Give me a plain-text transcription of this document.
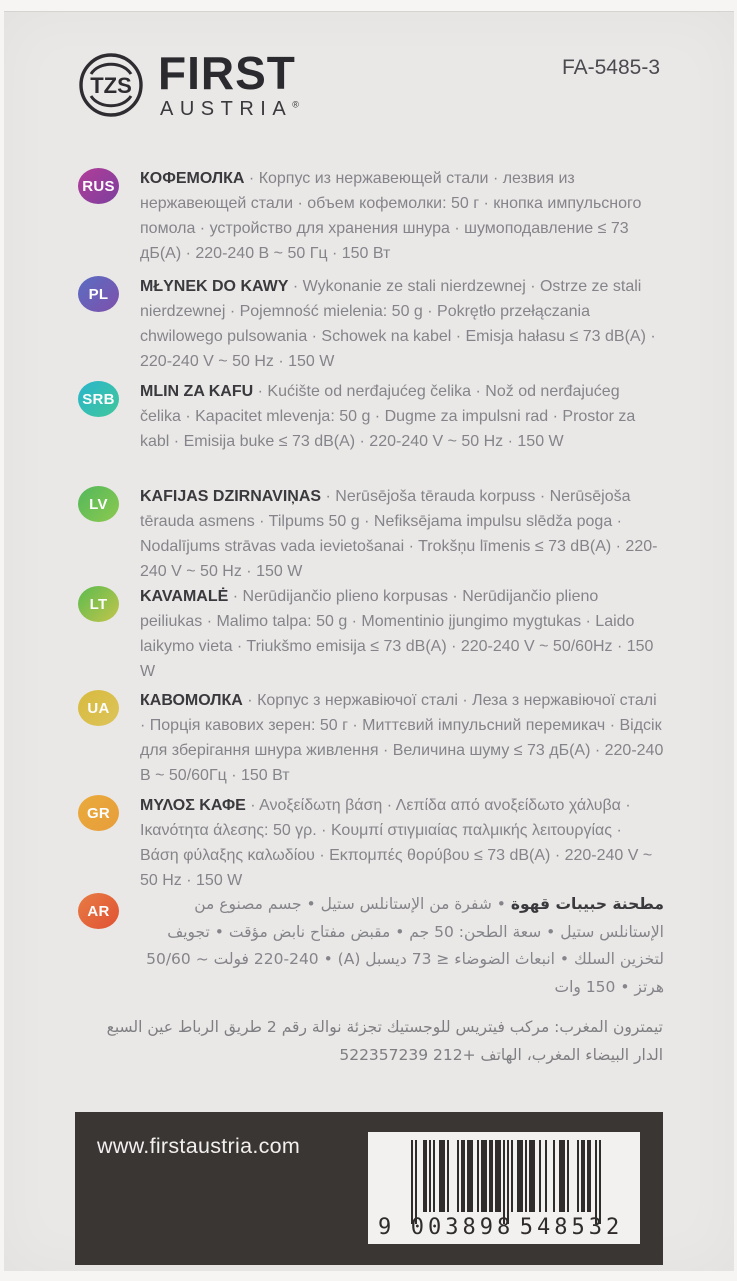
TZS FIRST
AUSTRIA®
FA-5485-3
RUS КОФЕМОЛКА · Корпус из нержавеющей стали · лезвия из нержавеющей стали · объем кофемолки: 50 г · кнопка импульсного помола · устройство для хранения шнура · шумоподавление ≤ 73 дБ(А) · 220-240 В ~ 50 Гц · 150 Вт

PL	MŁYNEK DO KAWY · Wykonanie ze stali nierdzewnej · Ostrze ze stali nierdzewnej · Pojemność mielenia: 50 g · Pokrętło przełączania chwilowego pulsowania · Schowek na kabel · Emisja hałasu ≤ 73 dB(A) · 220-240 V ~ 50 Hz · 150 W

SRB MLIN ZA KAFU · Kućište od nerđajućeg čelika · Nož od nerđajućeg čelika · Kapacitet mlevenja: 50 g · Dugme za impulsni rad · Prostor za kabl · Emisija buke ≤ 73 dB(A) · 220-240 V ~ 50 Hz · 150 W

LV	KAFIJAS DZIRNAVIŅAS · Nerūsējoša tērauda korpuss · Nerūsējoša tērauda asmens · Tilpums 50 g · Nefiksējama impulsu slēdža poga · Nodalījums strāvas vada ievietošanai · Trokšņu līmenis ≤ 73 dB(A) · 220-240 V ~ 50 Hz · 150 W

LT	KAVAMALĖ · Nerūdijančio plieno korpusas · Nerūdijančio plieno peiliukas · Malimo talpa: 50 g · Momentinio įjungimo mygtukas · Laido laikymo vieta · Triukšmo emisija ≤ 73 dB(A) · 220-240 V ~ 50/60Hz · 150 W

UA	КАВОМОЛКА · Корпус з нержавіючої сталі · Леза з нержавіючої сталі · Порція кавових зерен: 50 г · Миттєвий імпульсний перемикач · Відсік для зберігання шнура живлення · Величина шуму ≤ 73 дБ(А) · 220-240 В ~ 50/60Гц · 150 Вт

GR	ΜΥΛΟΣ ΚΑΦΕ · Ανοξείδωτη βάση · Λεπίδα από ανοξείδωτο χάλυβα · Ικανότητα άλεσης: 50 γρ. · Κουμπί στιγμιαίας παλμικής λειτουργίας · Βάση φύλαξης καλωδίου · Εκπομπές θορύβου ≤ 73 dB(A) · 220-240 V ~ 50 Hz · 150 W

AR	مطحنة حبيبات قهوة • شفرة من الإستانلس ستيل • جسم مصنوع من الإستانلس ستيل • سعة الطحن: 50 جم • مقبض مفتاح نابض مؤقت • تجويف لتخزين السلك • انبعاث الضوضاء ≤ 73 ديسبل (A) • 220-240 فولت ~ 50/60 هرتز • 150 وات

تيمترون المغرب: مركب فيتريس للوجستيك تجزئة نوالة رقم 2 طريق الرباط عين السبع الدار البيضاء المغرب، الهاتف +212 522357239

www.firstaustria.com
9 003898 548532
